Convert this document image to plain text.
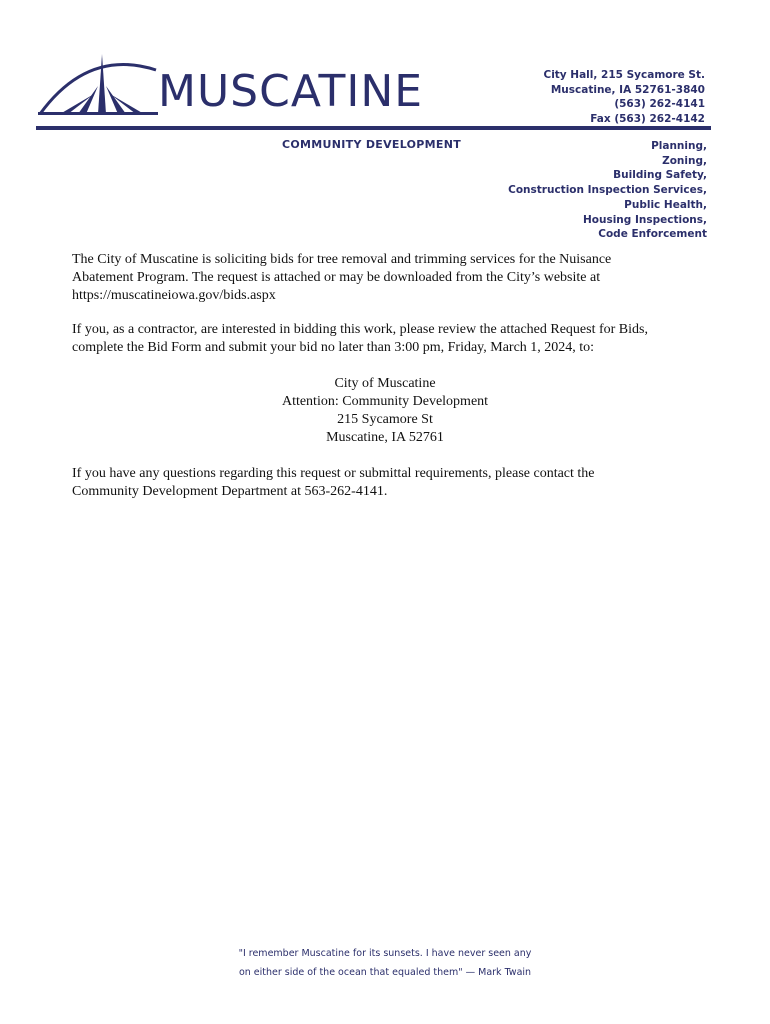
MUSCATINE
COMMUNITY DEVELOPMENT
City Hall, 215 Sycamore St.
Muscatine, IA 52761-3840
(563) 262-4141
Fax (563) 262-4142
Planning,
Zoning,
Building Safety,
Construction Inspection Services,
Public Health,
Housing Inspections,
Code Enforcement
The City of Muscatine is soliciting bids for tree removal and trimming services for the Nuisance
Abatement Program. The request is attached or may be downloaded from the City’s website at
https://muscatineiowa.gov/bids.aspx
If you, as a contractor, are interested in bidding this work, please review the attached Request for Bids,
complete the Bid Form and submit your bid no later than 3:00 pm, Friday, March 1, 2024, to:
City of Muscatine
Attention: Community Development
215 Sycamore St
Muscatine, IA 52761
If you have any questions regarding this request or submittal requirements, please contact the
Community Development Department at 563-262-4141.
"I remember Muscatine for its sunsets. I have never seen any
on either side of the ocean that equaled them" — Mark Twain
